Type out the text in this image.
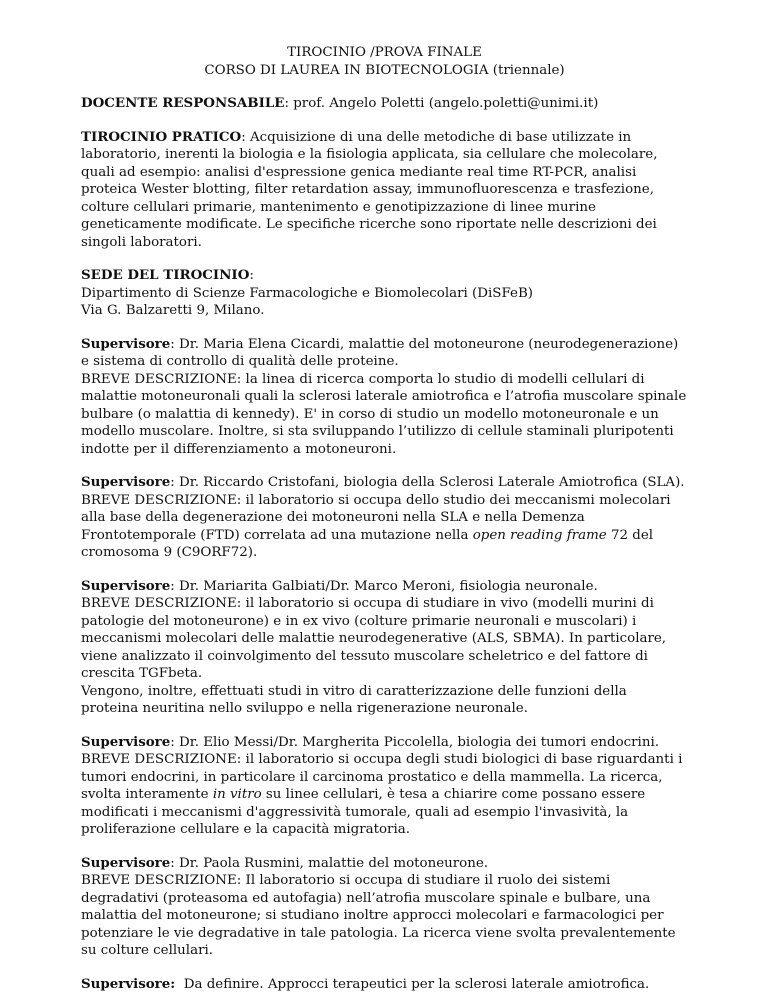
TIROCINIO /PROVA FINALE
CORSO DI LAUREA IN BIOTECNOLOGIA (triennale)

DOCENTE RESPONSABILE: prof. Angelo Poletti (angelo.poletti@unimi.it)

TIROCINIO PRATICO: Acquisizione di una delle metodiche di base utilizzate in laboratorio, inerenti la biologia e la fisiologia applicata, sia cellulare che molecolare, quali ad esempio: analisi d'espressione genica mediante real time RT-PCR, analisi proteica Wester blotting, filter retardation assay, immunofluorescenza e trasfezione, colture cellulari primarie, mantenimento e genotipizzazione di linee murine geneticamente modificate. Le specifiche ricerche sono riportate nelle descrizioni dei singoli laboratori.

SEDE DEL TIROCINIO:
Dipartimento di Scienze Farmacologiche e Biomolecolari (DiSFeB)
Via G. Balzaretti 9, Milano.

Supervisore: Dr. Maria Elena Cicardi, malattie del motoneurone (neurodegenerazione) e sistema di controllo di qualità delle proteine.
BREVE DESCRIZIONE: la linea di ricerca comporta lo studio di modelli cellulari di malattie motoneuronali quali la sclerosi laterale amiotrofica e l’atrofia muscolare spinale bulbare (o malattia di kennedy). E' in corso di studio un modello motoneuronale e un modello muscolare. Inoltre, si sta sviluppando l’utilizzo di cellule staminali pluripotenti indotte per il differenziamento a motoneuroni.

Supervisore: Dr. Riccardo Cristofani, biologia della Sclerosi Laterale Amiotrofica (SLA).
BREVE DESCRIZIONE: il laboratorio si occupa dello studio dei meccanismi molecolari alla base della degenerazione dei motoneuroni nella SLA e nella Demenza Frontotemporale (FTD) correlata ad una mutazione nella open reading frame 72 del cromosoma 9 (C9ORF72).

Supervisore: Dr. Mariarita Galbiati/Dr. Marco Meroni, fisiologia neuronale.
BREVE DESCRIZIONE: il laboratorio si occupa di studiare in vivo (modelli murini di patologie del motoneurone) e in ex vivo (colture primarie neuronali e muscolari) i meccanismi molecolari delle malattie neurodegenerative (ALS, SBMA). In particolare, viene analizzato il coinvolgimento del tessuto muscolare scheletrico e del fattore di crescita TGFbeta.
Vengono, inoltre, effettuati studi in vitro di caratterizzazione delle funzioni della proteina neuritina nello sviluppo e nella rigenerazione neuronale.

Supervisore: Dr. Elio Messi/Dr. Margherita Piccolella, biologia dei tumori endocrini.
BREVE DESCRIZIONE: il laboratorio si occupa degli studi biologici di base riguardanti i tumori endocrini, in particolare il carcinoma prostatico e della mammella. La ricerca, svolta interamente in vitro su linee cellulari, è tesa a chiarire come possano essere modificati i meccanismi d'aggressività tumorale, quali ad esempio l'invasività, la proliferazione cellulare e la capacità migratoria.

Supervisore: Dr. Paola Rusmini, malattie del motoneurone.
BREVE DESCRIZIONE: Il laboratorio si occupa di studiare il ruolo dei sistemi degradativi (proteasoma ed autofagia) nell’atrofia muscolare spinale e bulbare, una malattia del motoneurone; si studiano inoltre approcci molecolari e farmacologici per potenziare le vie degradative in tale patologia. La ricerca viene svolta prevalentemente su colture cellulari.

Supervisore:  Da definire. Approcci terapeutici per la sclerosi laterale amiotrofica.
